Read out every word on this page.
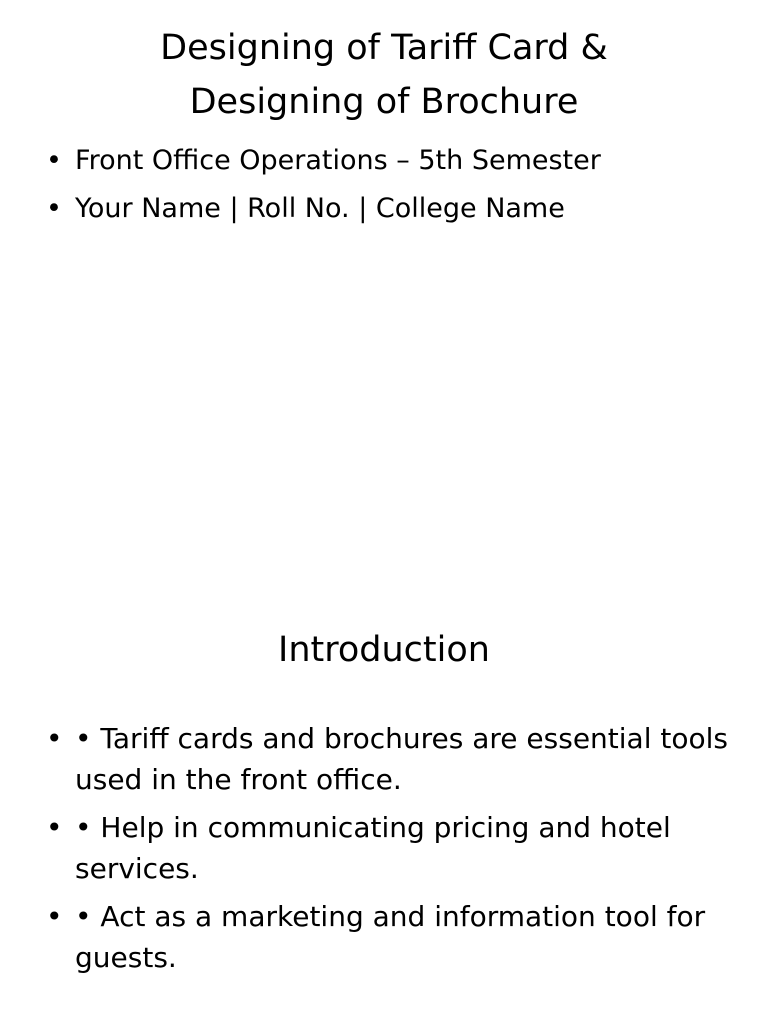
Designing of Tariff Card &
Designing of Brochure
• Front Office Operations – 5th Semester
• Your Name | Roll No. | College Name
Introduction
• • Tariff cards and brochures are essential tools used in the front office.
• • Help in communicating pricing and hotel services.
• • Act as a marketing and information tool for guests.
